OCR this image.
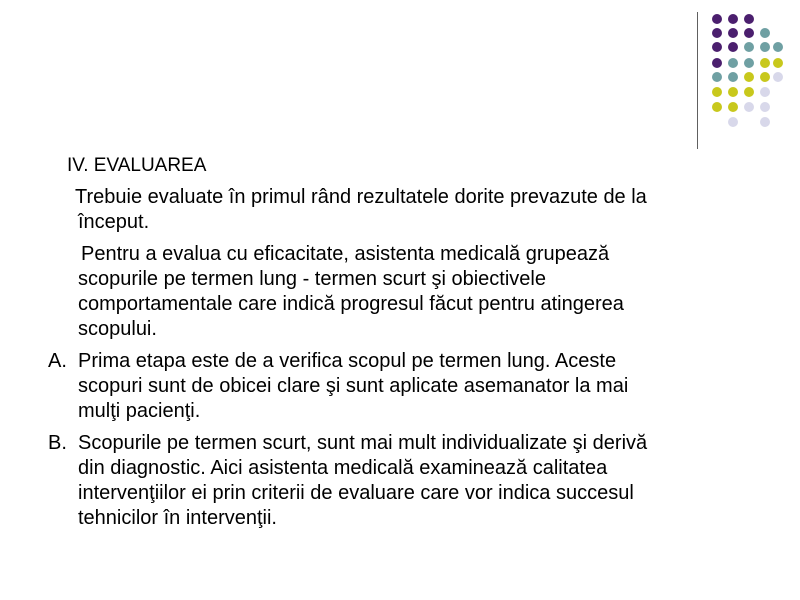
IV. EVALUAREA
Trebuie evaluate în primul rând rezultatele dorite prevazute de la
început.
Pentru a evalua cu eficacitate, asistenta medicală grupează
scopurile pe termen lung - termen scurt şi obiectivele
comportamentale care indică progresul făcut pentru atingerea
scopului.
A. Prima etapa este de a verifica scopul pe termen lung. Aceste
scopuri sunt de obicei clare şi sunt aplicate asemanator la mai
mulţi pacienţi.
B. Scopurile pe termen scurt, sunt mai mult individualizate şi derivă
din diagnostic. Aici asistenta medicală examinează calitatea
intervenţiilor ei prin criterii de evaluare care vor indica succesul
tehnicilor în intervenţii.
